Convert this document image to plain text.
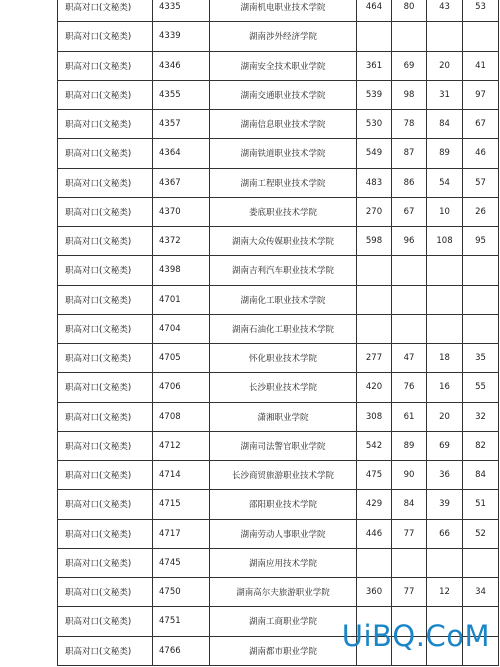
职高对口(文秘类)	4335	湖南机电职业技术学院	464	80	43	53
职高对口(文秘类)	4339	湖南涉外经济学院				
职高对口(文秘类)	4346	湖南安全技术职业学院	361	69	20	41
职高对口(文秘类)	4355	湖南交通职业技术学院	539	98	31	97
职高对口(文秘类)	4357	湖南信息职业技术学院	530	78	84	67
职高对口(文秘类)	4364	湖南铁道职业技术学院	549	87	89	46
职高对口(文秘类)	4367	湖南工程职业技术学院	483	86	54	57
职高对口(文秘类)	4370	娄底职业技术学院	270	67	10	26
职高对口(文秘类)	4372	湖南大众传媒职业技术学院	598	96	108	95
职高对口(文秘类)	4398	湖南吉利汽车职业技术学院				
职高对口(文秘类)	4701	湖南化工职业技术学院				
职高对口(文秘类)	4704	湖南石油化工职业技术学院				
职高对口(文秘类)	4705	怀化职业技术学院	277	47	18	35
职高对口(文秘类)	4706	长沙职业技术学院	420	76	16	55
职高对口(文秘类)	4708	潇湘职业学院	308	61	20	32
职高对口(文秘类)	4712	湖南司法警官职业学院	542	89	69	82
职高对口(文秘类)	4714	长沙商贸旅游职业技术学院	475	90	36	84
职高对口(文秘类)	4715	邵阳职业技术学院	429	84	39	51
职高对口(文秘类)	4717	湖南劳动人事职业学院	446	77	66	52
职高对口(文秘类)	4745	湖南应用技术学院				
职高对口(文秘类)	4750	湖南高尔夫旅游职业学院	360	77	12	34
职高对口(文秘类)	4751	湖南工商职业学院				
职高对口(文秘类)	4766	湖南都市职业学院				UiBQ.CoM
